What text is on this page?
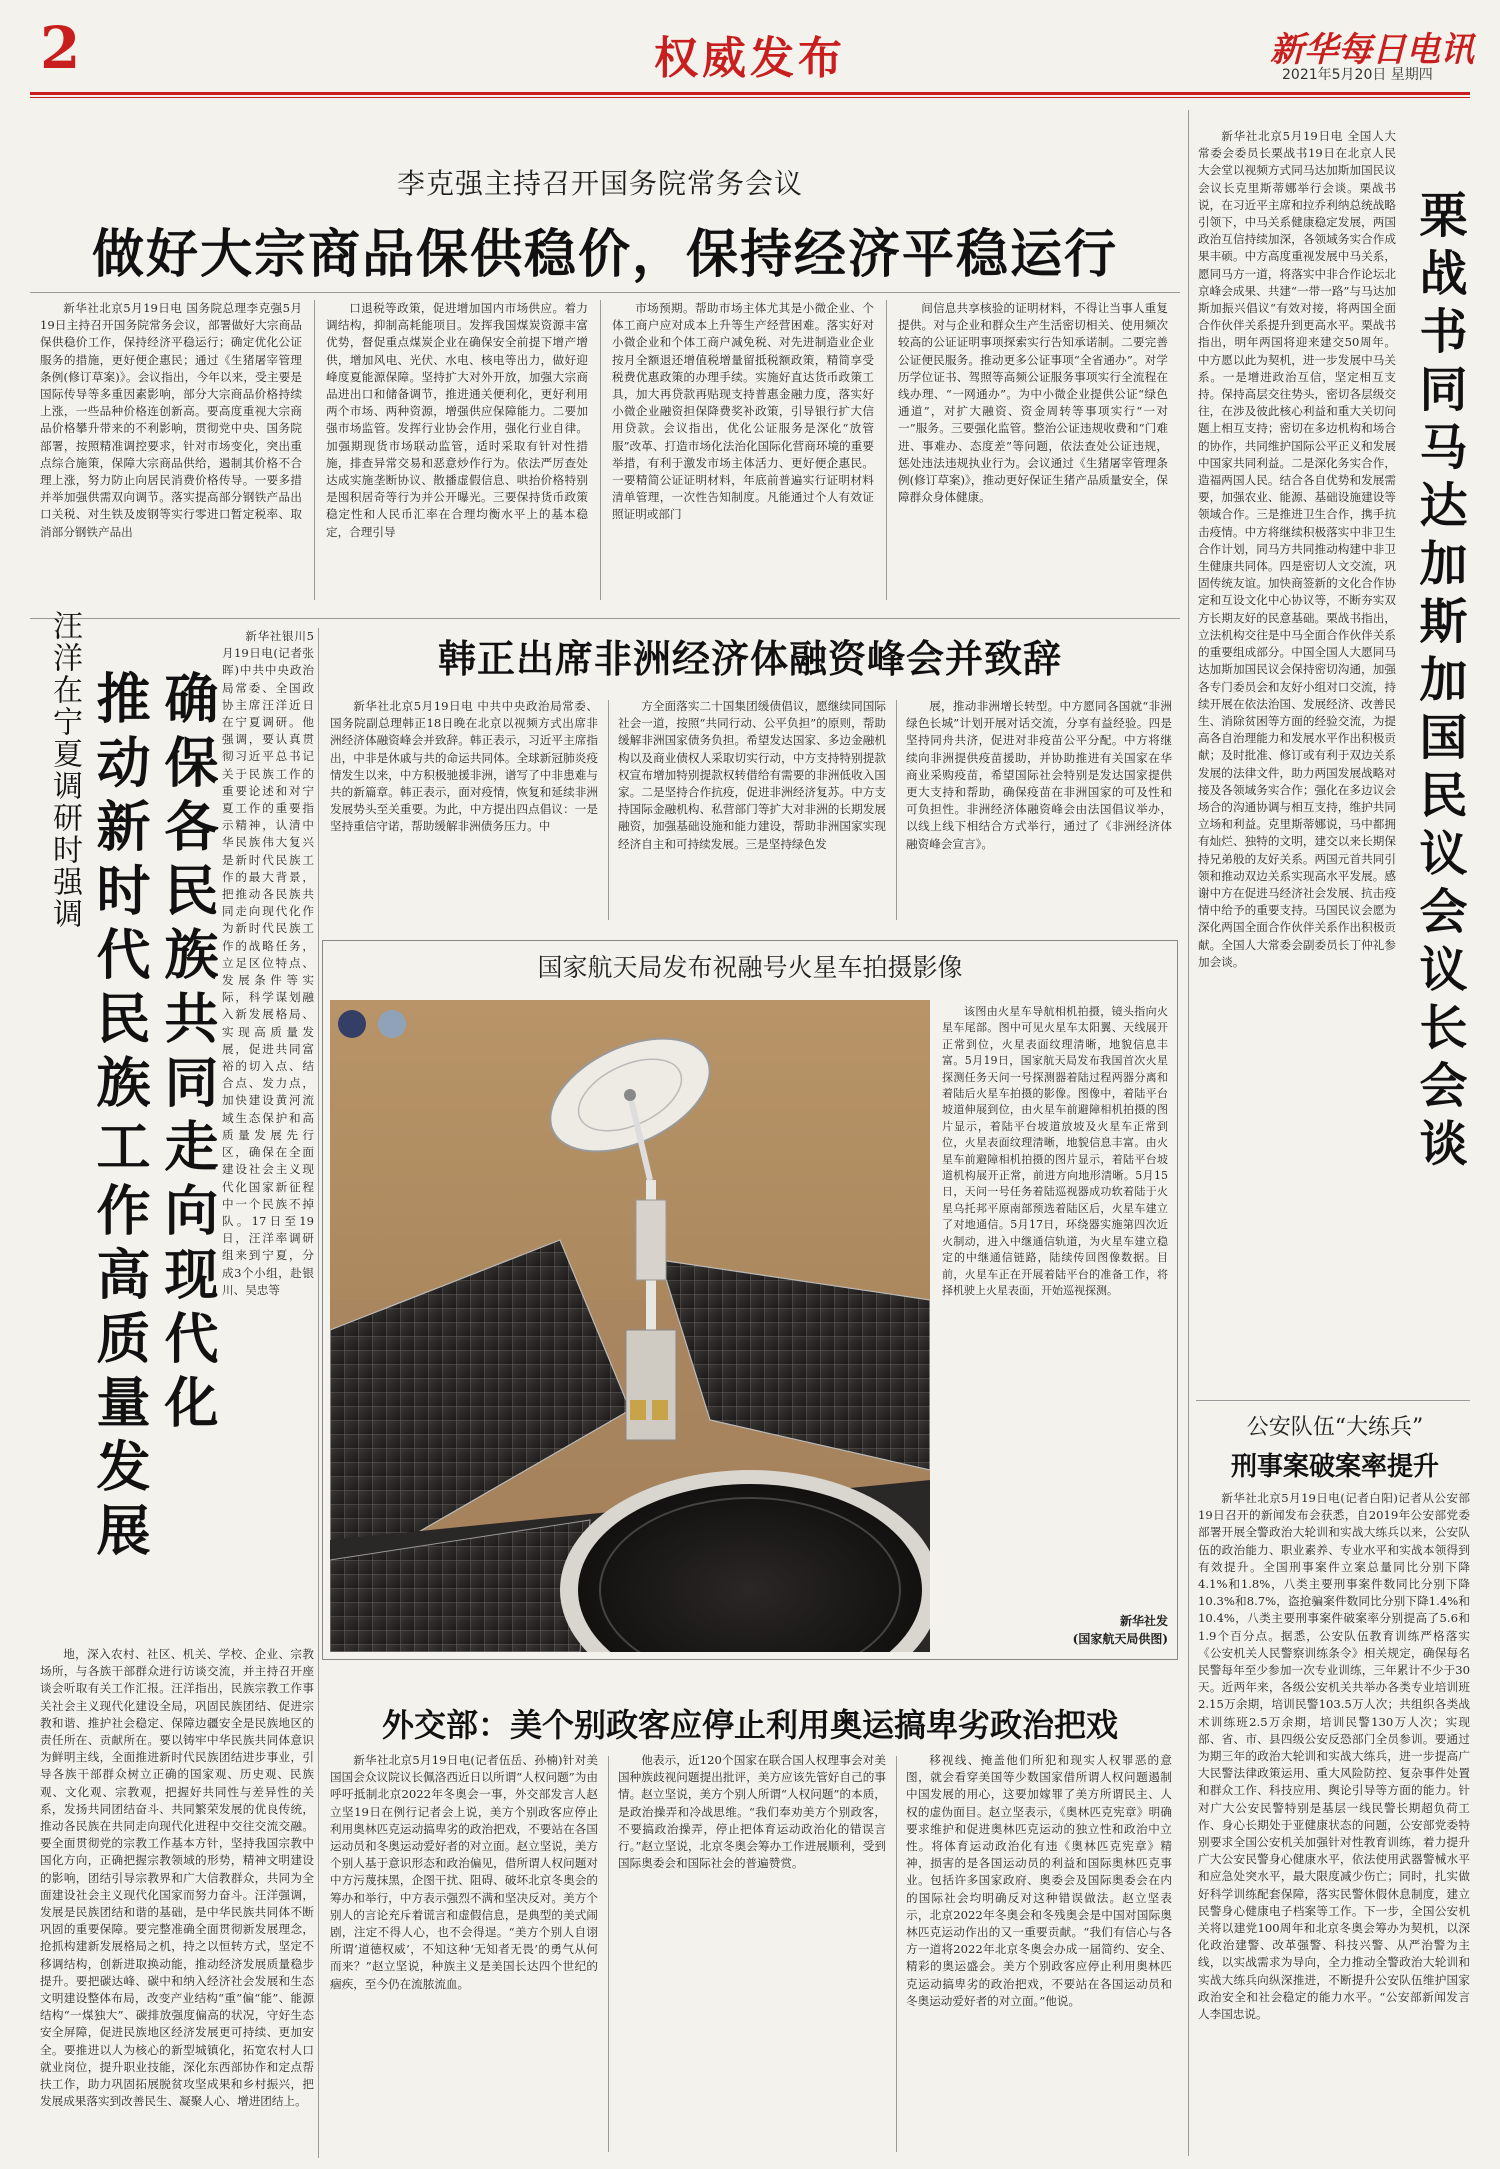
2	权威发布	新华每日电讯
2021年5月20日 星期四
李克强主持召开国务院常务会议
做好大宗商品保供稳价，保持经济平稳运行

新华社北京5月19日电 国务院总理李克强5月19日主持召开国务院常务会议，部署做好大宗商品保供稳价工作，保持经济平稳运行；确定优化公证服务的措施，更好便企惠民；通过《生猪屠宰管理条例(修订草案)》。会议指出，今年以来，受主要是国际传导等多重因素影响，部分大宗商品价格持续上涨，一些品种价格连创新高。要高度重视大宗商品价格攀升带来的不利影响，贯彻党中央、国务院部署，按照精准调控要求，针对市场变化，突出重点综合施策，保障大宗商品供给，遏制其价格不合理上涨，努力防止向居民消费价格传导。一要多措并举加强供需双向调节。落实提高部分钢铁产品出口关税、对生铁及废钢等实行零进口暂定税率、取消部分钢铁产品出

口退税等政策，促进增加国内市场供应。着力调结构，抑制高耗能项目。发挥我国煤炭资源丰富优势，督促重点煤炭企业在确保安全前提下增产增供，增加风电、光伏、水电、核电等出力，做好迎峰度夏能源保障。坚持扩大对外开放，加强大宗商品进出口和储备调节，推进通关便利化，更好利用两个市场、两种资源，增强供应保障能力。二要加强市场监管。发挥行业协会作用，强化行业自律。加强期现货市场联动监管，适时采取有针对性措施，排查异常交易和恶意炒作行为。依法严厉查处达成实施垄断协议、散播虚假信息、哄抬价格特别是囤积居奇等行为并公开曝光。三要保持货币政策稳定性和人民币汇率在合理均衡水平上的基本稳定，合理引导

市场预期。帮助市场主体尤其是小微企业、个体工商户应对成本上升等生产经营困难。落实好对小微企业和个体工商户减免税、对先进制造业企业按月全额退还增值税增量留抵税额政策，精简享受税费优惠政策的办理手续。实施好直达货币政策工具，加大再贷款再贴现支持普惠金融力度，落实好小微企业融资担保降费奖补政策，引导银行扩大信用贷款。会议指出，优化公证服务是深化“放管服”改革、打造市场化法治化国际化营商环境的重要举措，有利于激发市场主体活力、更好便企惠民。一要精简公证证明材料，年底前普遍实行证明材料清单管理，一次性告知制度。凡能通过个人有效证照证明或部门

间信息共享核验的证明材料，不得让当事人重复提供。对与企业和群众生产生活密切相关、使用频次较高的公证证明事项探索实行告知承诺制。二要完善公证便民服务。推动更多公证事项“全省通办”。对学历学位证书、驾照等高频公证服务事项实行全流程在线办理、“一网通办”。为中小微企业提供公证“绿色通道”，对扩大融资、资金周转等事项实行“一对一”服务。三要强化监管。整治公证违规收费和“门难进、事难办、态度差”等问题，依法查处公证违规，惩处违法违规执业行为。会议通过《生猪屠宰管理条例(修订草案)》，推动更好保证生猪产品质量安全，保障群众身体健康。

汪洋在宁夏调研时强调 确保各民族共同走向现代化
推动新时代民族工作高质量发展

新华社银川5月19日电(记者张晖)中共中央政治局常委、全国政协主席汪洋近日在宁夏调研。他强调，要认真贯彻习近平总书记关于民族工作的重要论述和对宁夏工作的重要指示精神，认清中华民族伟大复兴是新时代民族工作的最大背景，把推动各民族共同走向现代化作为新时代民族工作的战略任务，立足区位特点、发展条件等实际，科学谋划融入新发展格局、实现高质量发展，促进共同富裕的切入点、结合点、发力点，加快建设黄河流域生态保护和高质量发展先行区，确保在全面建设社会主义现代化国家新征程中一个民族不掉队。17日至19日，汪洋率调研组来到宁夏，分成3个小组，赴银川、吴忠等

地，深入农村、社区、机关、学校、企业、宗教场所，与各族干部群众进行访谈交流，并主持召开座谈会听取有关工作汇报。汪洋指出，民族宗教工作事关社会主义现代化建设全局，巩固民族团结、促进宗教和谐、推护社会稳定、保障边疆安全是民族地区的责任所在、贡献所在。要以铸牢中华民族共同体意识为鲜明主线，全面推进新时代民族团结进步事业，引导各族干部群众树立正确的国家观、历史观、民族观、文化观、宗教观，把握好共同性与差异性的关系，发扬共同团结奋斗、共同繁荣发展的优良传统，推动各民族在共同走向现代化进程中交往交流交融。要全面贯彻党的宗教工作基本方针，坚持我国宗教中国化方向，正确把握宗教领域的形势，精神文明建设的影响，团结引导宗教界和广大信教群众，共同为全面建设社会主义现代化国家而努力奋斗。汪洋强调，发展是民族团结和谐的基础，是中华民族共同体不断巩固的重要保障。要完整准确全面贯彻新发展理念，抢抓构建新发展格局之机，持之以恒转方式，坚定不移调结构，创新进取换动能，推动经济发展质量稳步提升。要把碳达峰、碳中和纳入经济社会发展和生态文明建设整体布局，改变产业结构“重”偏“能”、能源结构“一煤独大”、碳排放强度偏高的状况，守好生态安全屏障，促进民族地区经济发展更可持续、更加安全。要推进以人为核心的新型城镇化，拓宽农村人口就业岗位，提升职业技能，深化东西部协作和定点帮扶工作，助力巩固拓展脱贫攻坚成果和乡村振兴，把发展成果落实到改善民生、凝聚人心、增进团结上。

韩正出席非洲经济体融资峰会并致辞

新华社北京5月19日电 中共中央政治局常委、国务院副总理韩正18日晚在北京以视频方式出席非洲经济体融资峰会并致辞。韩正表示，习近平主席指出，中非是休戚与共的命运共同体。全球新冠肺炎疫情发生以来，中方积极驰援非洲，谱写了中非患难与共的新篇章。韩正表示，面对疫情，恢复和延续非洲发展势头至关重要。为此，中方提出四点倡议：一是坚持重信守诺，帮助缓解非洲债务压力。中

方全面落实二十国集团缓债倡议，愿继续同国际社会一道，按照“共同行动、公平负担”的原则，帮助缓解非洲国家债务负担。希望发达国家、多边金融机构以及商业债权人采取切实行动，中方支持特别提款权宣布增加特别提款权转借给有需要的非洲低收入国家。二是坚持合作抗疫，促进非洲经济复苏。中方支持国际金融机构、私营部门等扩大对非洲的长期发展融资，加强基础设施和能力建设，帮助非洲国家实现经济自主和可持续发展。三是坚持绿色发

展，推动非洲增长转型。中方愿同各国就“非洲绿色长城”计划开展对话交流，分享有益经验。四是坚持同舟共济，促进对非疫苗公平分配。中方将继续向非洲提供疫苗援助，并协助推进有关国家在华商业采购疫苗，希望国际社会特别是发达国家提供更大支持和帮助，确保疫苗在非洲国家的可及性和可负担性。非洲经济体融资峰会由法国倡议举办，以线上线下相结合方式举行，通过了《非洲经济体融资峰会宣言》。

国家航天局发布祝融号火星车拍摄影像

该图由火星车导航相机拍摄，镜头指向火星车尾部。图中可见火星车太阳翼、天线展开正常到位，火星表面纹理清晰，地貌信息丰富。5月19日，国家航天局发布我国首次火星探测任务天问一号探测器着陆过程两器分离和着陆后火星车拍摄的影像。图像中，着陆平台坡道伸展到位，由火星车前避障相机拍摄的图片显示，着陆平台坡道放坡及火星车正常到位，火星表面纹理清晰，地貌信息丰富。由火星车前避障相机拍摄的图片显示，着陆平台坡道机构展开正常，前进方向地形清晰。5月15日，天问一号任务着陆巡视器成功软着陆于火星乌托邦平原南部预选着陆区后，火星车建立了对地通信。5月17日，环绕器实施第四次近火制动，进入中继通信轨道，为火星车建立稳定的中继通信链路，陆续传回图像数据。目前，火星车正在开展着陆平台的准备工作，将择机驶上火星表面，开始巡视探测。

新华社发
(国家航天局供图)
外交部：美个别政客应停止利用奥运搞卑劣政治把戏

新华社北京5月19日电(记者伍岳、孙楠)针对美国国会众议院议长佩洛西近日以所谓“人权问题”为由呼吁抵制北京2022年冬奥会一事，外交部发言人赵立坚19日在例行记者会上说，美方个别政客应停止利用奥林匹克运动搞卑劣的政治把戏，不要站在各国运动员和冬奥运动爱好者的对立面。赵立坚说，美方个别人基于意识形态和政治偏见，借所谓人权问题对中方污蔑抹黑，企图干扰、阻碍、破坏北京冬奥会的筹办和举行，中方表示强烈不满和坚决反对。美方个别人的言论充斥着谎言和虚假信息，是典型的美式闹剧，注定不得人心，也不会得逞。“美方个别人自诩所谓‘道德权威’，不知这种‘无知者无畏’的勇气从何而来？”赵立坚说，种族主义是美国长达四个世纪的痼疾，至今仍在流脓流血。

他表示，近120个国家在联合国人权理事会对美国种族歧视问题提出批评，美方应该先管好自己的事情。赵立坚说，美方个别人所谓“人权问题”的本质，是政治操弄和冷战思维。“我们奉劝美方个别政客，不要搞政治操弄，停止把体育运动政治化的错误言行。”赵立坚说，北京冬奥会筹办工作进展顺利，受到国际奥委会和国际社会的普遍赞赏。

移视线、掩盖他们所犯和现实人权罪恶的意图，就会看穿美国等少数国家借所谓人权问题遏制中国发展的用心，这要加嫁罪了美方所谓民主、人权的虚伪面目。赵立坚表示，《奥林匹克宪章》明确要求维护和促进奥林匹克运动的独立性和政治中立性。将体育运动政治化有违《奥林匹克宪章》精神，损害的是各国运动员的利益和国际奥林匹克事业。包括许多国家政府、奥委会及国际奥委会在内的国际社会均明确反对这种错误做法。赵立坚表示，北京2022年冬奥会和冬残奥会是中国对国际奥林匹克运动作出的又一重要贡献。“我们有信心与各方一道将2022年北京冬奥会办成一届简约、安全、精彩的奥运盛会。美方个别政客应停止利用奥林匹克运动搞卑劣的政治把戏，不要站在各国运动员和冬奥运动爱好者的对立面。”他说。

栗战书同马达加斯加国民议会议长会谈

新华社北京5月19日电 全国人大常委会委员长栗战书19日在北京人民大会堂以视频方式同马达加斯加国民议会议长克里斯蒂娜举行会谈。栗战书说，在习近平主席和拉乔利纳总统战略引领下，中马关系健康稳定发展，两国政治互信持续加深，各领域务实合作成果丰硕。中方高度重视发展中马关系，愿同马方一道，将落实中非合作论坛北京峰会成果、共建“一带一路”与马达加斯加振兴倡议“有效对接，将两国全面合作伙伴关系提升到更高水平。栗战书指出，明年两国将迎来建交50周年。中方愿以此为契机，进一步发展中马关系。一是增进政治互信，坚定相互支持。保持高层交往势头，密切各层级交往，在涉及彼此核心利益和重大关切问题上相互支持；密切在多边机构和场合的协作，共同维护国际公平正义和发展中国家共同利益。二是深化务实合作，造福两国人民。结合各自优势和发展需要，加强农业、能源、基础设施建设等领域合作。三是推进卫生合作，携手抗击疫情。中方将继续积极落实中非卫生合作计划，同马方共同推动构建中非卫生健康共同体。四是密切人文交流，巩固传统友谊。加快商签新的文化合作协定和互设文化中心协议等，不断夯实双方长期友好的民意基础。栗战书指出，立法机构交往是中马全面合作伙伴关系的重要组成部分。中国全国人大愿同马达加斯加国民议会保持密切沟通，加强各专门委员会和友好小组对口交流，持续开展在依法治国、发展经济、改善民生、消除贫困等方面的经验交流，为提高各自治理能力和发展水平作出积极贡献；及时批准、修订或有利于双边关系发展的法律文件，助力两国发展战略对接及各领域务实合作；强化在多边议会场合的沟通协调与相互支持，维护共同立场和利益。克里斯蒂娜说，马中都拥有灿烂、独特的文明，建交以来长期保持兄弟般的友好关系。两国元首共同引领和推动双边关系实现高水平发展。感谢中方在促进马经济社会发展、抗击疫情中给予的重要支持。马国民议会愿为深化两国全面合作伙伴关系作出积极贡献。全国人大常委会副委员长丁仲礼参加会谈。

公安队伍“大练兵”
刑事案破案率提升

新华社北京5月19日电(记者白阳)记者从公安部19日召开的新闻发布会获悉，自2019年公安部党委部署开展全警政治大轮训和实战大练兵以来，公安队伍的政治能力、职业素养、专业水平和实战本领得到有效提升。全国刑事案件立案总量同比分别下降4.1%和1.8%，八类主要刑事案件数同比分别下降10.3%和8.7%，盗抢骗案件数同比分别下降1.4%和10.4%，八类主要刑事案件破案率分别提高了5.6和1.9个百分点。据悉，公安队伍教育训练严格落实《公安机关人民警察训练条令》相关规定，确保每名民警每年至少参加一次专业训练，三年累计不少于30天。近两年来，各级公安机关共举办各类专业培训班2.15万余期，培训民警103.5万人次；共组织各类战术训练班2.5万余期，培训民警130万人次；实现部、省、市、县四级公安反恐部门全员参训。要通过为期三年的政治大轮训和实战大练兵，进一步提高广大民警法律政策运用、重大风险防控、复杂事件处置和群众工作、科技应用、舆论引导等方面的能力。针对广大公安民警特别是基层一线民警长期超负荷工作、身心长期处于亚健康状态的问题，公安部党委特别要求全国公安机关加强针对性教育训练，着力提升广大公安民警身心健康水平，依法使用武器警械水平和应急处突水平，最大限度减少伤亡；同时，扎实做好科学训练配套保障，落实民警休假休息制度，建立民警身心健康电子档案等工作。下一步，全国公安机关将以建党100周年和北京冬奥会筹办为契机，以深化政治建警、改革强警、科技兴警、从严治警为主线，以实战需求为导向，全力推动全警政治大轮训和实战大练兵向纵深推进，不断提升公安队伍维护国家政治安全和社会稳定的能力水平。“公安部新闻发言人李国忠说。
